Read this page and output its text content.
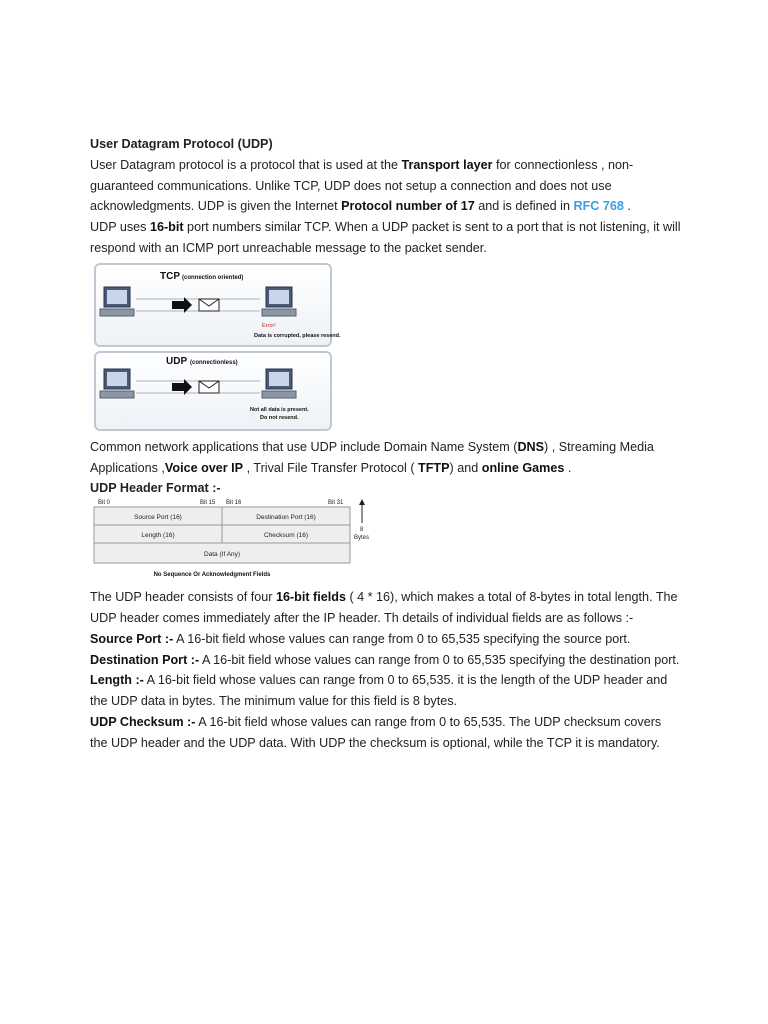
User Datagram Protocol (UDP)

User Datagram protocol is a protocol that is used at the Transport layer for connectionless , non-guaranteed communications. Unlike TCP, UDP does not setup a connection and does not use acknowledgments. UDP is given the Internet Protocol number of 17 and is defined in RFC 768 .

UDP uses 16-bit port numbers similar TCP. When a UDP packet is sent to a port that is not listening, it will respond with an ICMP port unreachable message to the packet sender.

TCP (connection oriented)
Error!
Data is corrupted, please resend.
UDP (connectionless)
Not all data is present.
Do not resend.

Common network applications that use UDP include Domain Name System (DNS) , Streaming Media Applications ,Voice over IP , Trival File Transfer Protocol ( TFTP) and online Games .

UDP Header Format :-

Bit 0	Bit 15 Bit 16	Bit 31
Source Port (16)	Destination Port (16)
Length (16)	Checksum (16)
Data (If Any)
8
Bytes
No Sequence Or Acknowledgment Fields

The UDP header consists of four 16-bit fields ( 4 * 16), which makes a total of 8-bytes in total length. The UDP header comes immediately after the IP header. Th details of individual fields are as follows :-

Source Port :- A 16-bit field whose values can range from 0 to 65,535 specifying the source port.

Destination Port :- A 16-bit field whose values can range from 0 to 65,535 specifying the destination port.

Length :- A 16-bit field whose values can range from 0 to 65,535. it is the length of the UDP header and the UDP data in bytes. The minimum value for this field is 8 bytes.

UDP Checksum :- A 16-bit field whose values can range from 0 to 65,535. The UDP checksum covers the UDP header and the UDP data. With UDP the checksum is optional, while the TCP it is mandatory.
